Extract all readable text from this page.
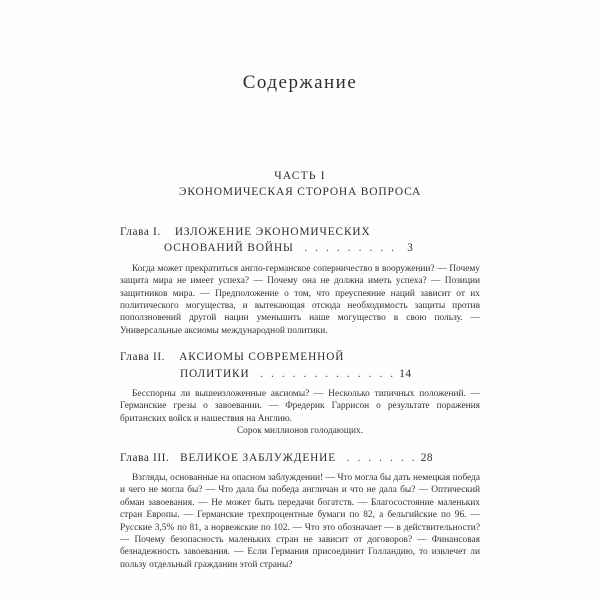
Содержание
ЧАСТЬ I
ЭКОНОМИЧЕСКАЯ СТОРОНА ВОПРОСА
Глава I. ИЗЛОЖЕНИЕ ЭКОНОМИЧЕСКИХ
ОСНОВАНИЙ ВОЙНЫ . . . . . . . . . 3
Когда может прекратиться англо-германское соперничество в вооружении? — Почему защита мира не имеет успеха? — Почему она не должна иметь успеха? — Позиции защитников мира. — Предположение о том, что преуспеяние наций зависит от их политического могущества, и вытекающая отсюда необходимость защиты против поползновений другой нации уменьшить наше могущество в свою пользу. — Универсальные аксиомы международной политики.
Глава II. АКСИОМЫ СОВРЕМЕННОЙ
ПОЛИТИКИ . . . . . . . . . . . . . 14
Бесспорны ли вышеизложенные аксиомы? — Несколько типичных положений. — Германские грезы о завоевании. — Фредерик Гаррисон о результате поражения британских войск и нашествия на Англию.
Сорок миллионов голодающих.
Глава III. ВЕЛИКОЕ ЗАБЛУЖДЕНИЕ . . . . . . . 28
Взгляды, основанные на опасном заблуждении! — Что могла бы дать немецкая победа и чего не могла бы? — Что дала бы победа англичан и что не дала бы? — Оптический обман завоевания. — Не может быть передачи богатств. — Благосостояние маленьких стран Европы. — Германские трехпроцентные бумаги по 82, а бельгийские по 96. — Русские 3,5% по 81, а норвежские по 102. — Что это обозначает — в действительности? — Почему безопасность маленьких стран не зависит от договоров? — Финансовая безнадежность завоевания. — Если Германия присоединит Голландию, то извлечет ли пользу отдельный гражданин этой страны?
